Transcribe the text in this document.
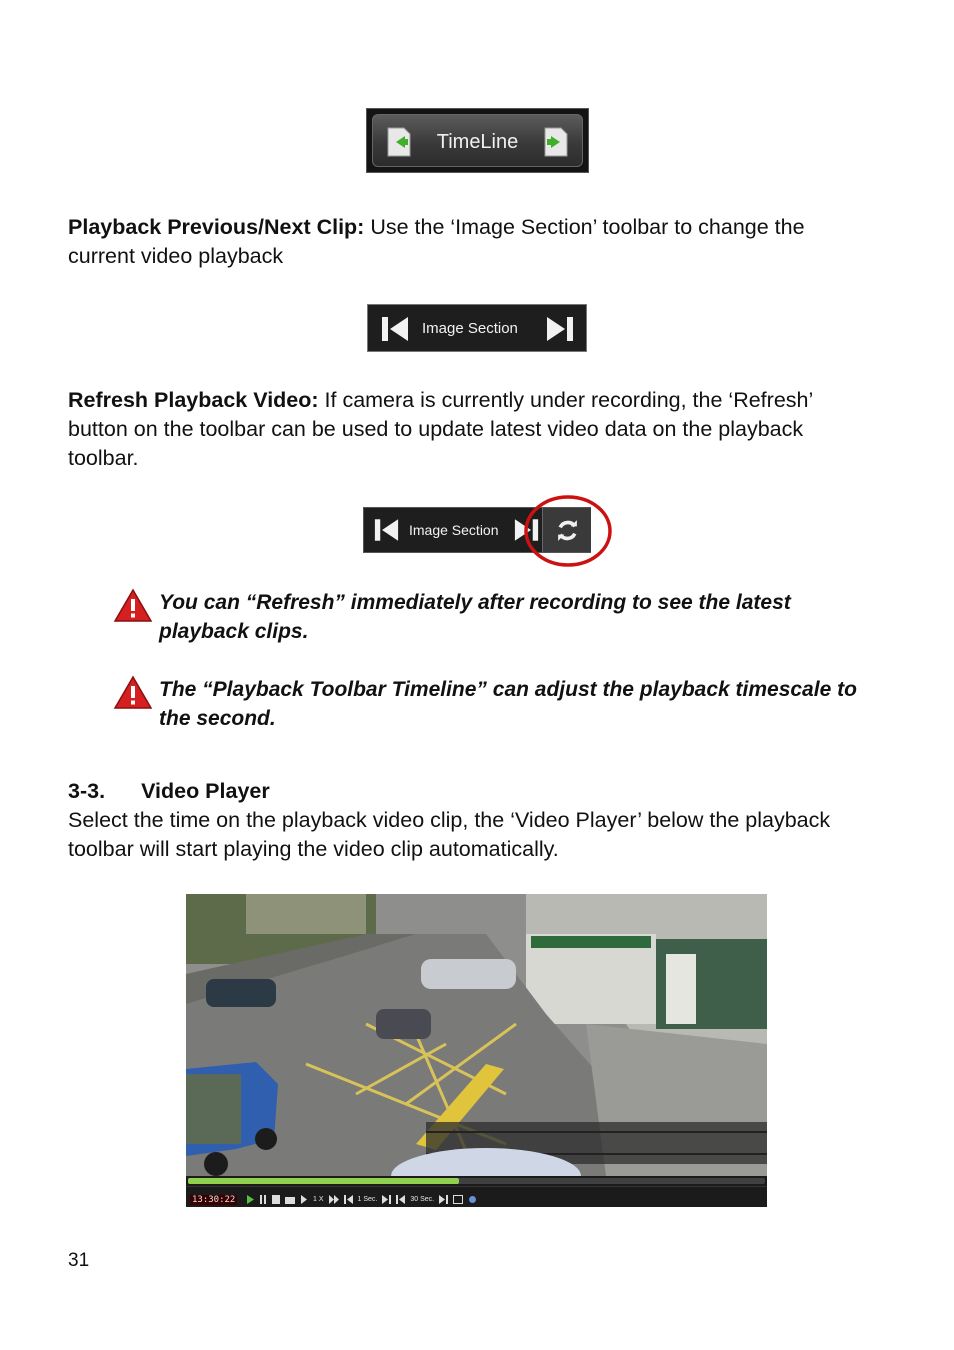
TimeLine
Playback Previous/Next Clip: Use the ‘Image Section’ toolbar to change the current video playback
Image Section
Refresh Playback Video: If camera is currently under recording, the ‘Refresh’ button on the toolbar can be used to update latest video data on the playback toolbar.
Image Section
You can “Refresh” immediately after recording to see the latest playback clips.
The “Playback Toolbar Timeline” can adjust the playback timescale to the second.
3-3. Video Player
Select the time on the playback video clip, the ‘Video Player’ below the playback toolbar will start playing the video clip automatically.
13:30:22	1 X	1 Sec.	30 Sec.
31
